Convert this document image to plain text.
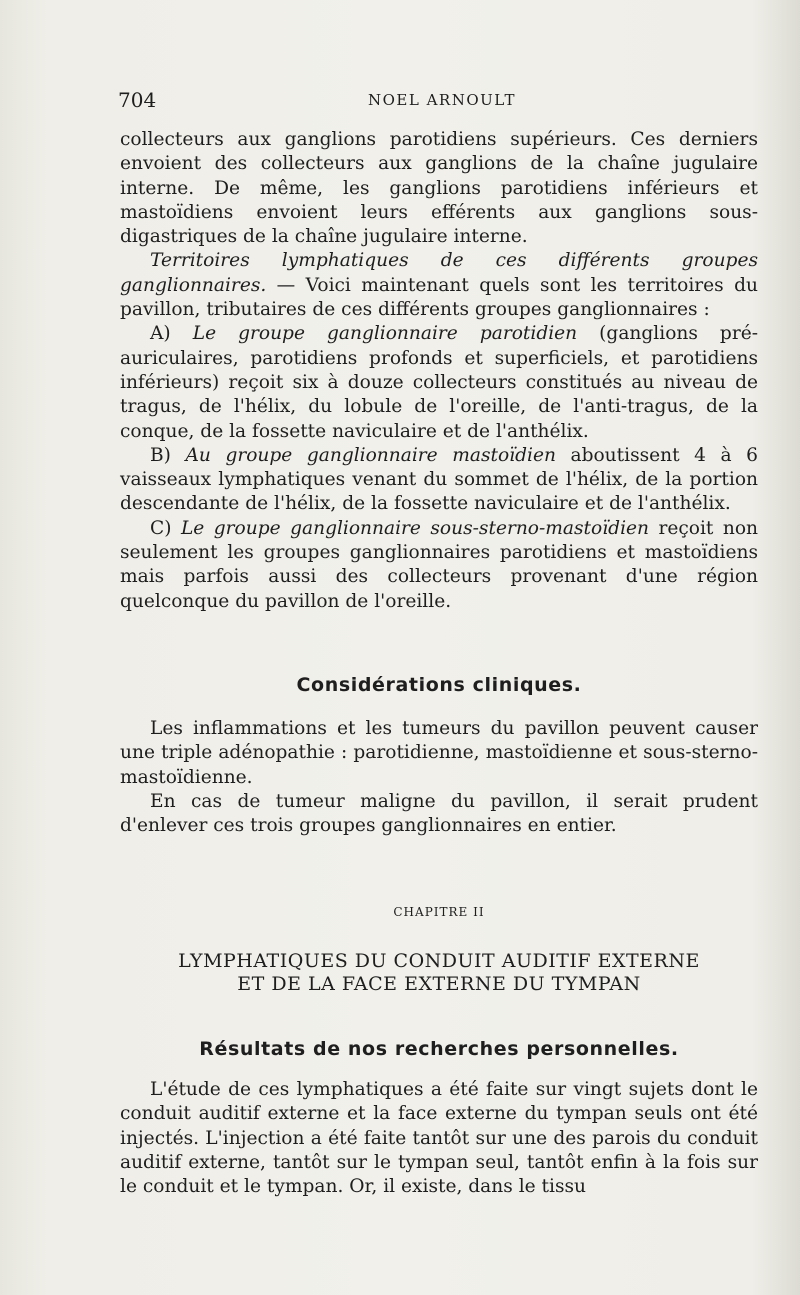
704	NOEL ARNOULT

collecteurs aux ganglions parotidiens supérieurs. Ces derniers envoient des collecteurs aux ganglions de la chaîne jugulaire interne. De même, les ganglions parotidiens inférieurs et mastoïdiens envoient leurs efférents aux ganglions sous-digastriques de la chaîne jugulaire interne.

Territoires lymphatiques de ces différents groupes ganglionnaires. — Voici maintenant quels sont les territoires du pavillon, tributaires de ces différents groupes ganglionnaires :

A) Le groupe ganglionnaire parotidien (ganglions pré-auriculaires, parotidiens profonds et superficiels, et parotidiens inférieurs) reçoit six à douze collecteurs constitués au niveau de tragus, de l'hélix, du lobule de l'oreille, de l'anti-tragus, de la conque, de la fossette naviculaire et de l'anthélix.

B) Au groupe ganglionnaire mastoïdien aboutissent 4 à 6 vaisseaux lymphatiques venant du sommet de l'hélix, de la portion descendante de l'hélix, de la fossette naviculaire et de l'anthélix.

C) Le groupe ganglionnaire sous-sterno-mastoïdien reçoit non seulement les groupes ganglionnaires parotidiens et mastoïdiens mais parfois aussi des collecteurs provenant d'une région quelconque du pavillon de l'oreille.

Considérations cliniques.

Les inflammations et les tumeurs du pavillon peuvent causer une triple adénopathie : parotidienne, mastoïdienne et sous-sterno-mastoïdienne.

En cas de tumeur maligne du pavillon, il serait prudent d'enlever ces trois groupes ganglionnaires en entier.

CHAPITRE II
LYMPHATIQUES DU CONDUIT AUDITIF EXTERNE
ET DE LA FACE EXTERNE DU TYMPAN
Résultats de nos recherches personnelles.

L'étude de ces lymphatiques a été faite sur vingt sujets dont le conduit auditif externe et la face externe du tympan seuls ont été injectés. L'injection a été faite tantôt sur une des parois du conduit auditif externe, tantôt sur le tympan seul, tantôt enfin à la fois sur le conduit et le tympan. Or, il existe, dans le tissu
